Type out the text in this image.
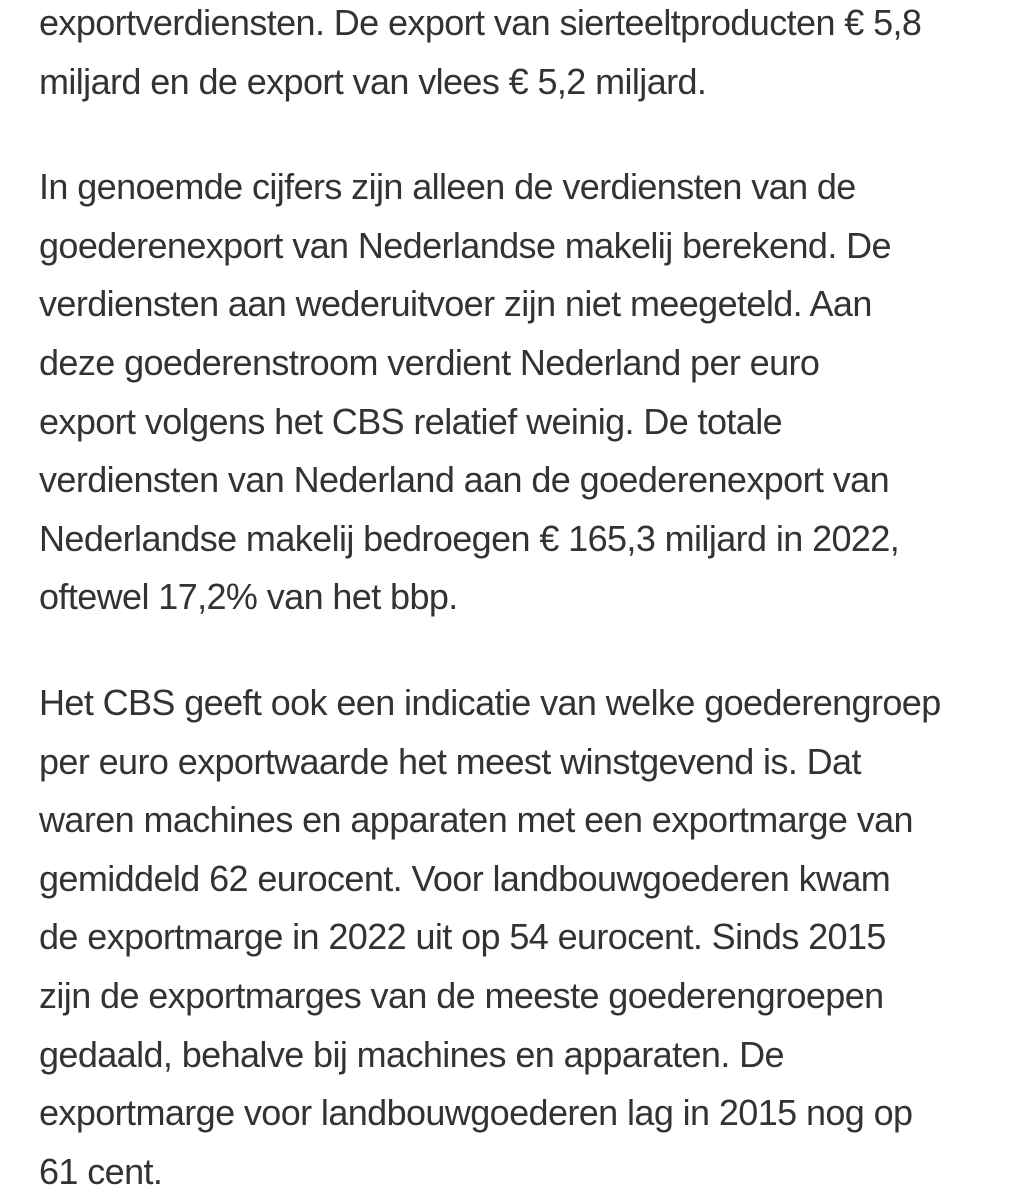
exportverdiensten. De export van sierteeltproducten € 5,8
miljard en de export van vlees € 5,2 miljard.

In genoemde cijfers zijn alleen de verdiensten van de
goederenexport van Nederlandse makelij berekend. De
verdiensten aan wederuitvoer zijn niet meegeteld. Aan
deze goederenstroom verdient Nederland per euro
export volgens het CBS relatief weinig. De totale
verdiensten van Nederland aan de goederenexport van
Nederlandse makelij bedroegen € 165,3 miljard in 2022,
oftewel 17,2% van het bbp.

Het CBS geeft ook een indicatie van welke goederengroep
per euro exportwaarde het meest winstgevend is. Dat
waren machines en apparaten met een exportmarge van
gemiddeld 62 eurocent. Voor landbouwgoederen kwam
de exportmarge in 2022 uit op 54 eurocent. Sinds 2015
zijn de exportmarges van de meeste goederengroepen
gedaald, behalve bij machines en apparaten. De
exportmarge voor landbouwgoederen lag in 2015 nog op
61 cent.
